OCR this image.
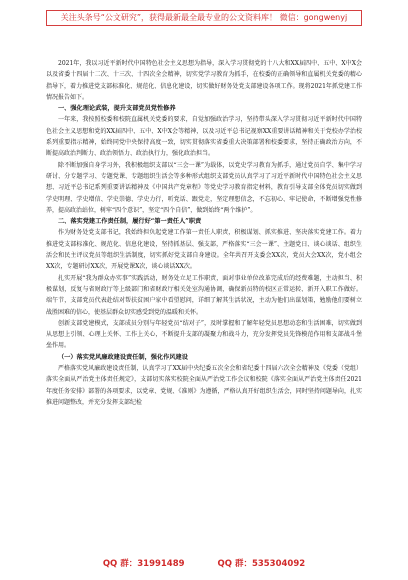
关注头条号“公文研究”，获得最新最全最专业的公文资料库！ 微信：gongwenyj

2021年，我以习近平新时代中国特色社会主义思想为指导，深入学习贯彻党的十八大和XX届四中、五中、X中X会以及省委十四届十二次、十三次、十四次全会精神，切实党学习教育为抓手，在校委的正确领导和直属机关党委的精心指导下，着力推进党支部标准化、规范化、信息化建设，切实做好财务处党支部建设各项工作。现将2021年抓党建工作情况报告如下。

一、强化理论武装，提升支部党员党性修养

一年来，我按照校委和校院直属机关党委的要求，自觉加强政治学习，坚持带头深入学习贯彻习近平新时代中国特色社会主义思想和党的XX届四中、五中、X中X会等精神，以及习近平总书记视察XX重要讲话精神和关于党校办学治校系列重要指示精神，始终同党中央保持高度一致，切实贯彻落实省委重大决策部署和校委要求，坚持正确政治方向，不断提高政治判断力、政治领悟力、政治执行力，强化政治担当。

除不断加强自身学习外，我积极组织支部以“三会一课”为载体，以党史学习教育为抓手，通过党员自学、集中学习研讨、分专题学习、专题党课、专题组织生活会等多种形式组织支部党员认真学习了习近平新时代中国特色社会主义思想、习近平总书记系列重要讲话精神及《中国共产党章程》等党史学习教育指定材料，教育引导支部全体党员切实做到学史明理、学史增信、学史崇德、学史力行，听党话、跟党走，坚定理想信念，不忘初心、牢记使命，不断增强党性修养，提高政治站位，树牢“四个意识”，坚定“四个自信”，做到始终“两个维护”。

二、落实党建工作责任制，履行好“第一责任人”职责

作为财务处党支部书记，我始终担负起党建工作第一责任人职责，积极谋划、抓实推进、坚决落实党建工作。着力推进党支部标准化、规范化、信息化建设，坚持抓基层、强支部，严格落实“三会一课”、主题党日、谈心谈话、组织生活会和民主评议党员等组织生活制度，切实抓好党支部自身建设。全年共召开支委会XX次，党员大会XX次，党小组会XX次，专题研讨XX次，开展党课X次，谈心谈话XX次。

扎实开展“我为群众办实事”实践活动，财务处立足工作职责，面对事业单位改革完成后的经费难题，主动担当、积极谋划，反复与省财政厅等上级部门和省财政厅相关处室沟通协调，确保新员特的校区正常运转、新开入职工作做好。端午节，支部党员代表赴结对帮扶贫困户家中看望慰问，详细了解其生活状况，主动为他们出谋划策，勉励他们要树立战胜困难的信心，使基层群众切实感受到党的温暖和关怀。

创新支部党建模式，支部成员分别与年轻党员“结对子”，及时掌握和了解年轻党员思想动态和生活困难，切实做到从思想上引领、心理上关怀、工作上关心，不断提升支部的凝聚力和战斗力，充分发挥党员先锋模范作用和支部战斗堡垒作用。

（一）落实党风廉政建设责任制，强化作风建设

严格落实党风廉政建设责任制，认真学习了XX届中央纪委五次全会和省纪委十四届六次全会精神及《党委（党组）落实全面从严治党主体责任规定》，支部切实落实校院全面从严治党工作会议和校院《落实全面从严治党主体责任2021年度任务安排》部署的各项要求，以党章、党规、《准则》为遵循，严格认真开好组织生活会，同时坚持问题导向，扎实推进问题整改，并充分发挥支部纪检

QQ 群：31991489	QQ 群：535304092
